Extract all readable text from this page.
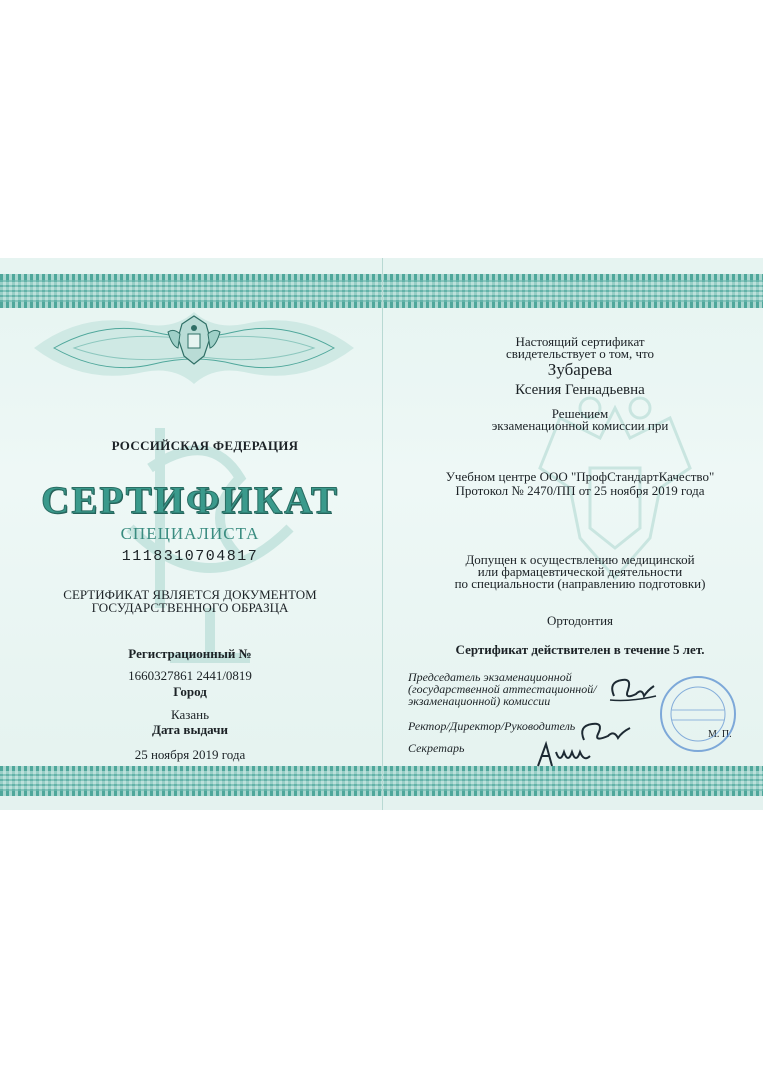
РОССИЙСКАЯ ФЕДЕРАЦИЯ
СЕРТИФИКАТ
СПЕЦИАЛИСТА
1118310704817
СЕРТИФИКАТ ЯВЛЯЕТСЯ ДОКУМЕНТОМ
ГОСУДАРСТВЕННОГО ОБРАЗЦА
Регистрационный №
1660327861 2441/0819
Город
Казань
Дата выдачи
25 ноября 2019 года
Настоящий сертификат
свидетельствует о том, что
Зубарева
Ксения Геннадьевна
Решением
экзаменационной комиссии при
Учебном центре ООО "ПрофСтандартКачество"
Протокол № 2470/ПП от 25 ноября 2019 года
Допущен к осуществлению медицинской
или фармацевтической деятельности
по специальности (направлению подготовки)
Ортодонтия
Сертификат действителен в течение 5 лет.
Председатель экзаменационной
(государственной аттестационной/
экзаменационной) комиссии
Ректор/Директор/Руководитель
Секретарь
М. П.
